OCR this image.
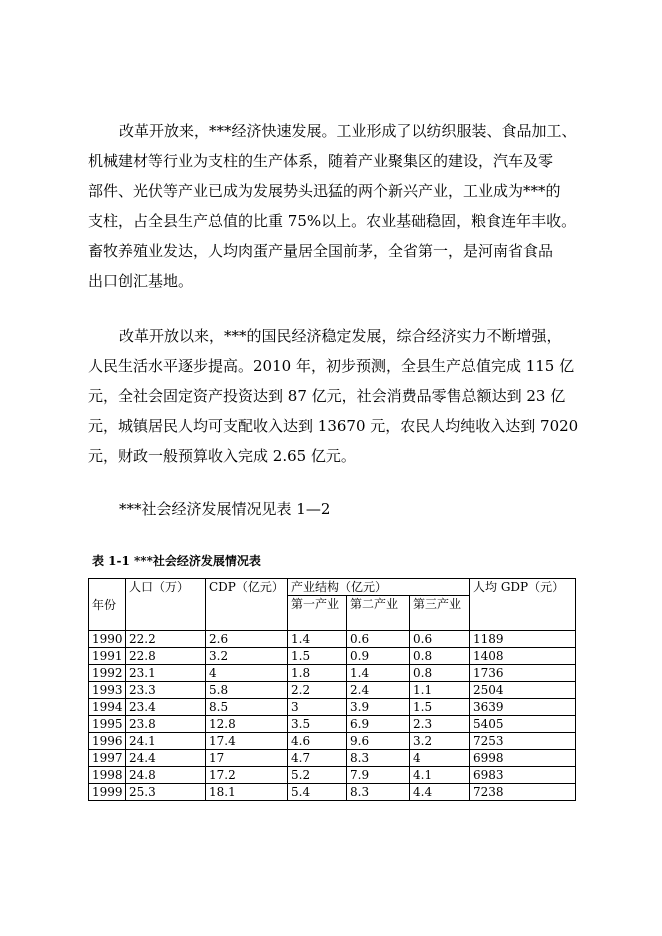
改革开放来，***经济快速发展。工业形成了以纺织服装、食品加工、
机械建材等行业为支柱的生产体系，随着产业聚集区的建设，汽车及零
部件、光伏等产业已成为发展势头迅猛的两个新兴产业，工业成为***的
支柱，占全县生产总值的比重 75%以上。农业基础稳固，粮食连年丰收。
畜牧养殖业发达，人均肉蛋产量居全国前茅，全省第一，是河南省食品
出口创汇基地。
改革开放以来，***的国民经济稳定发展，综合经济实力不断增强，
人民生活水平逐步提高。2010 年，初步预测，全县生产总值完成 115 亿
元，全社会固定资产投资达到 87 亿元，社会消费品零售总额达到 23 亿
元，城镇居民人均可支配收入达到 13670 元，农民人均纯收入达到 7020
元，财政一般预算收入完成 2.65 亿元。
***社会经济发展情况见表 1—2

表 1-1 ***社会经济发展情况表

年份	人口（万）	CDP（亿元）	产业结构（亿元）			人均 GDP（元）
			第一产业	第二产业	第三产业	
1990	22.2	2.6	1.4	0.6	0.6	1189
1991	22.8	3.2	1.5	0.9	0.8	1408
1992	23.1	4	1.8	1.4	0.8	1736
1993	23.3	5.8	2.2	2.4	1.1	2504
1994	23.4	8.5	3	3.9	1.5	3639
1995	23.8	12.8	3.5	6.9	2.3	5405
1996	24.1	17.4	4.6	9.6	3.2	7253
1997	24.4	17	4.7	8.3	4	6998
1998	24.8	17.2	5.2	7.9	4.1	6983
1999	25.3	18.1	5.4	8.3	4.4	7238
